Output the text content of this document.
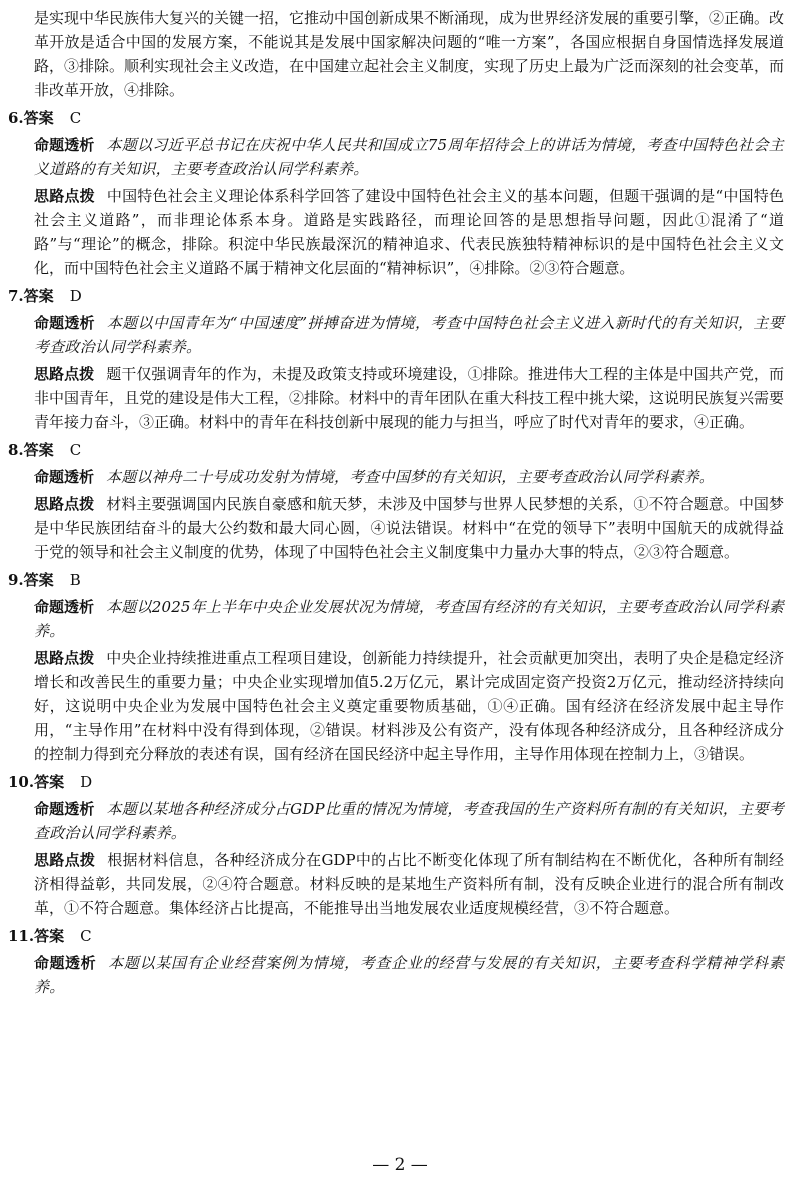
是实现中华民族伟大复兴的关键一招，它推动中国创新成果不断涌现，成为世界经济发展的重要引擎，②正确。改革开放是适合中国的发展方案，不能说其是发展中国家解决问题的“唯一方案”，各国应根据自身国情选择发展道路，③排除。顺利实现社会主义改造，在中国建立起社会主义制度，实现了历史上最为广泛而深刻的社会变革，而非改革开放，④排除。

6.答案 C

命题透析 本题以习近平总书记在庆祝中华人民共和国成立75周年招待会上的讲话为情境，考查中国特色社会主义道路的有关知识，主要考查政治认同学科素养。

思路点拨 中国特色社会主义理论体系科学回答了建设中国特色社会主义的基本问题，但题干强调的是“中国特色社会主义道路”，而非理论体系本身。道路是实践路径，而理论回答的是思想指导问题，因此①混淆了“道路”与“理论”的概念，排除。积淀中华民族最深沉的精神追求、代表民族独特精神标识的是中国特色社会主义文化，而中国特色社会主义道路不属于精神文化层面的“精神标识”，④排除。②③符合题意。

7.答案 D

命题透析 本题以中国青年为“中国速度”拼搏奋进为情境，考查中国特色社会主义进入新时代的有关知识，主要考查政治认同学科素养。

思路点拨 题干仅强调青年的作为，未提及政策支持或环境建设，①排除。推进伟大工程的主体是中国共产党，而非中国青年，且党的建设是伟大工程，②排除。材料中的青年团队在重大科技工程中挑大梁，这说明民族复兴需要青年接力奋斗，③正确。材料中的青年在科技创新中展现的能力与担当，呼应了时代对青年的要求，④正确。

8.答案 C

命题透析 本题以神舟二十号成功发射为情境，考查中国梦的有关知识，主要考查政治认同学科素养。

思路点拨 材料主要强调国内民族自豪感和航天梦，未涉及中国梦与世界人民梦想的关系，①不符合题意。中国梦是中华民族团结奋斗的最大公约数和最大同心圆，④说法错误。材料中“在党的领导下”表明中国航天的成就得益于党的领导和社会主义制度的优势，体现了中国特色社会主义制度集中力量办大事的特点，②③符合题意。

9.答案 B

命题透析 本题以2025年上半年中央企业发展状况为情境，考查国有经济的有关知识，主要考查政治认同学科素养。

思路点拨 中央企业持续推进重点工程项目建设，创新能力持续提升，社会贡献更加突出，表明了央企是稳定经济增长和改善民生的重要力量；中央企业实现增加值5.2万亿元，累计完成固定资产投资2万亿元，推动经济持续向好，这说明中央企业为发展中国特色社会主义奠定重要物质基础，①④正确。国有经济在经济发展中起主导作用，“主导作用”在材料中没有得到体现，②错误。材料涉及公有资产，没有体现各种经济成分，且各种经济成分的控制力得到充分释放的表述有误，国有经济在国民经济中起主导作用，主导作用体现在控制力上，③错误。

10.答案 D

命题透析 本题以某地各种经济成分占GDP比重的情况为情境，考查我国的生产资料所有制的有关知识，主要考查政治认同学科素养。

思路点拨 根据材料信息，各种经济成分在GDP中的占比不断变化体现了所有制结构在不断优化，各种所有制经济相得益彰，共同发展，②④符合题意。材料反映的是某地生产资料所有制，没有反映企业进行的混合所有制改革，①不符合题意。集体经济占比提高，不能推导出当地发展农业适度规模经营，③不符合题意。

11.答案 C

命题透析 本题以某国有企业经营案例为情境，考查企业的经营与发展的有关知识，主要考查科学精神学科素养。

— 2 —
